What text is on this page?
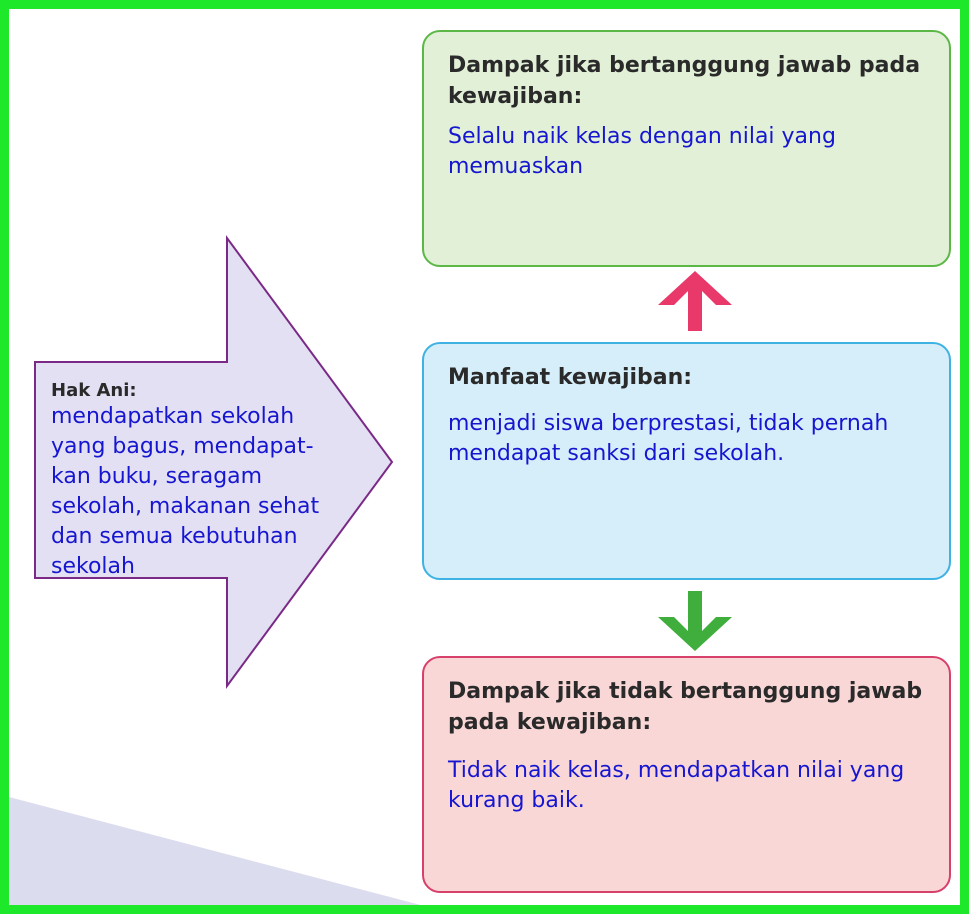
Hak Ani:
mendapatkan sekolah yang bagus, mendapat-kan buku, seragam sekolah, makanan sehat dan semua kebutuhan sekolah
Dampak jika bertanggung jawab pada kewajiban:
Selalu naik kelas dengan nilai yang memuaskan
Manfaat kewajiban:
menjadi siswa berprestasi, tidak pernah mendapat sanksi dari sekolah.
Dampak jika tidak bertanggung jawab pada kewajiban:
Tidak naik kelas, mendapatkan nilai yang kurang baik.
